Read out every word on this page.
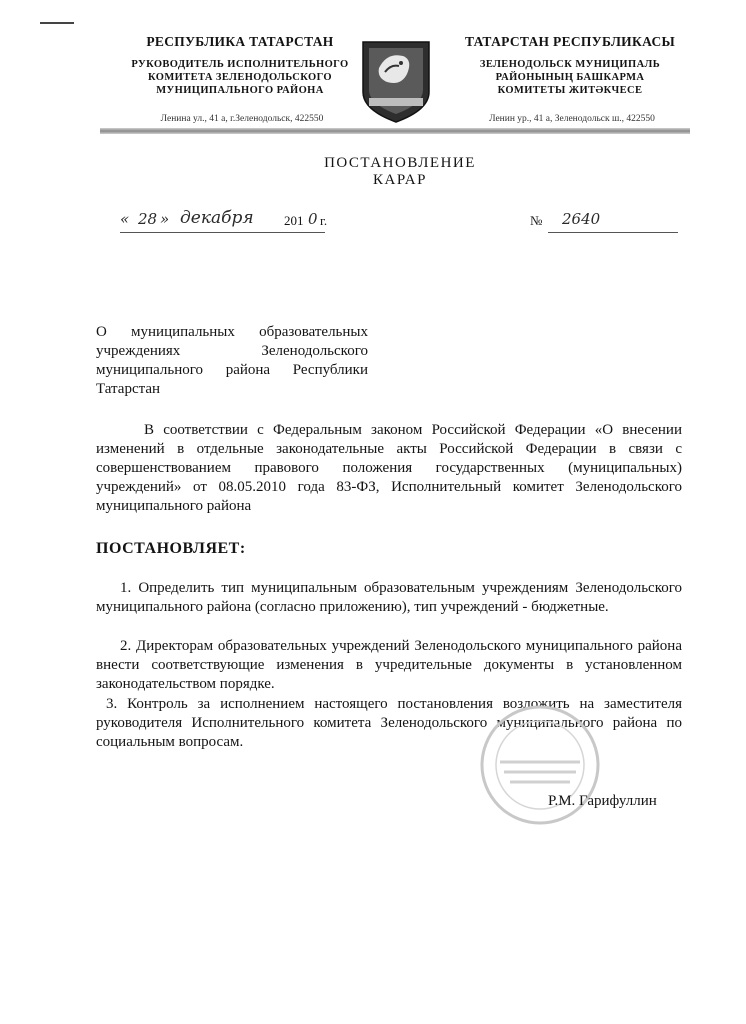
РЕСПУБЛИКА ТАТАРСТАН
РУКОВОДИТЕЛЬ ИСПОЛНИТЕЛЬНОГО
КОМИТЕТА ЗЕЛЕНОДОЛЬСКОГО
МУНИЦИПАЛЬНОГО РАЙОНА
Ленина ул., 41 а, г.Зеленодольск, 422550
ТАТАРСТАН РЕСПУБЛИКАСЫ
ЗЕЛЕНОДОЛЬСК МУНИЦИПАЛЬ
РАЙОНЫНЫҢ БАШКАРМА
КОМИТЕТЫ ЖИТӘКЧЕСЕ
Ленин ур., 41 а, Зеленодольск ш., 422550
ПОСТАНОВЛЕНИЕ
КАРАР
« 28 » декабря 201 0 г.	№ 2640
О муниципальных образовательных
учреждениях Зеленодольского
муниципального района Республики
Татарстан
В соответствии с Федеральным законом Российской Федерации «О внесении изменений в отдельные законодательные акты Российской Федерации в связи с совершенствованием правового положения государственных (муниципальных) учреждений» от 08.05.2010 года 83-ФЗ, Исполнительный комитет Зеленодольского муниципального района
ПОСТАНОВЛЯЕТ:
1. Определить тип муниципальным образовательным учреждениям Зеленодольского муниципального района (согласно приложению), тип учреждений - бюджетные.
2. Директорам образовательных учреждений Зеленодольского муниципального района внести соответствующие изменения в учредительные документы в установленном законодательством порядке.
3. Контроль за исполнением настоящего постановления возложить на заместителя руководителя Исполнительного комитета Зеленодольского муниципального района по социальным вопросам.
Р.М. Гарифуллин
